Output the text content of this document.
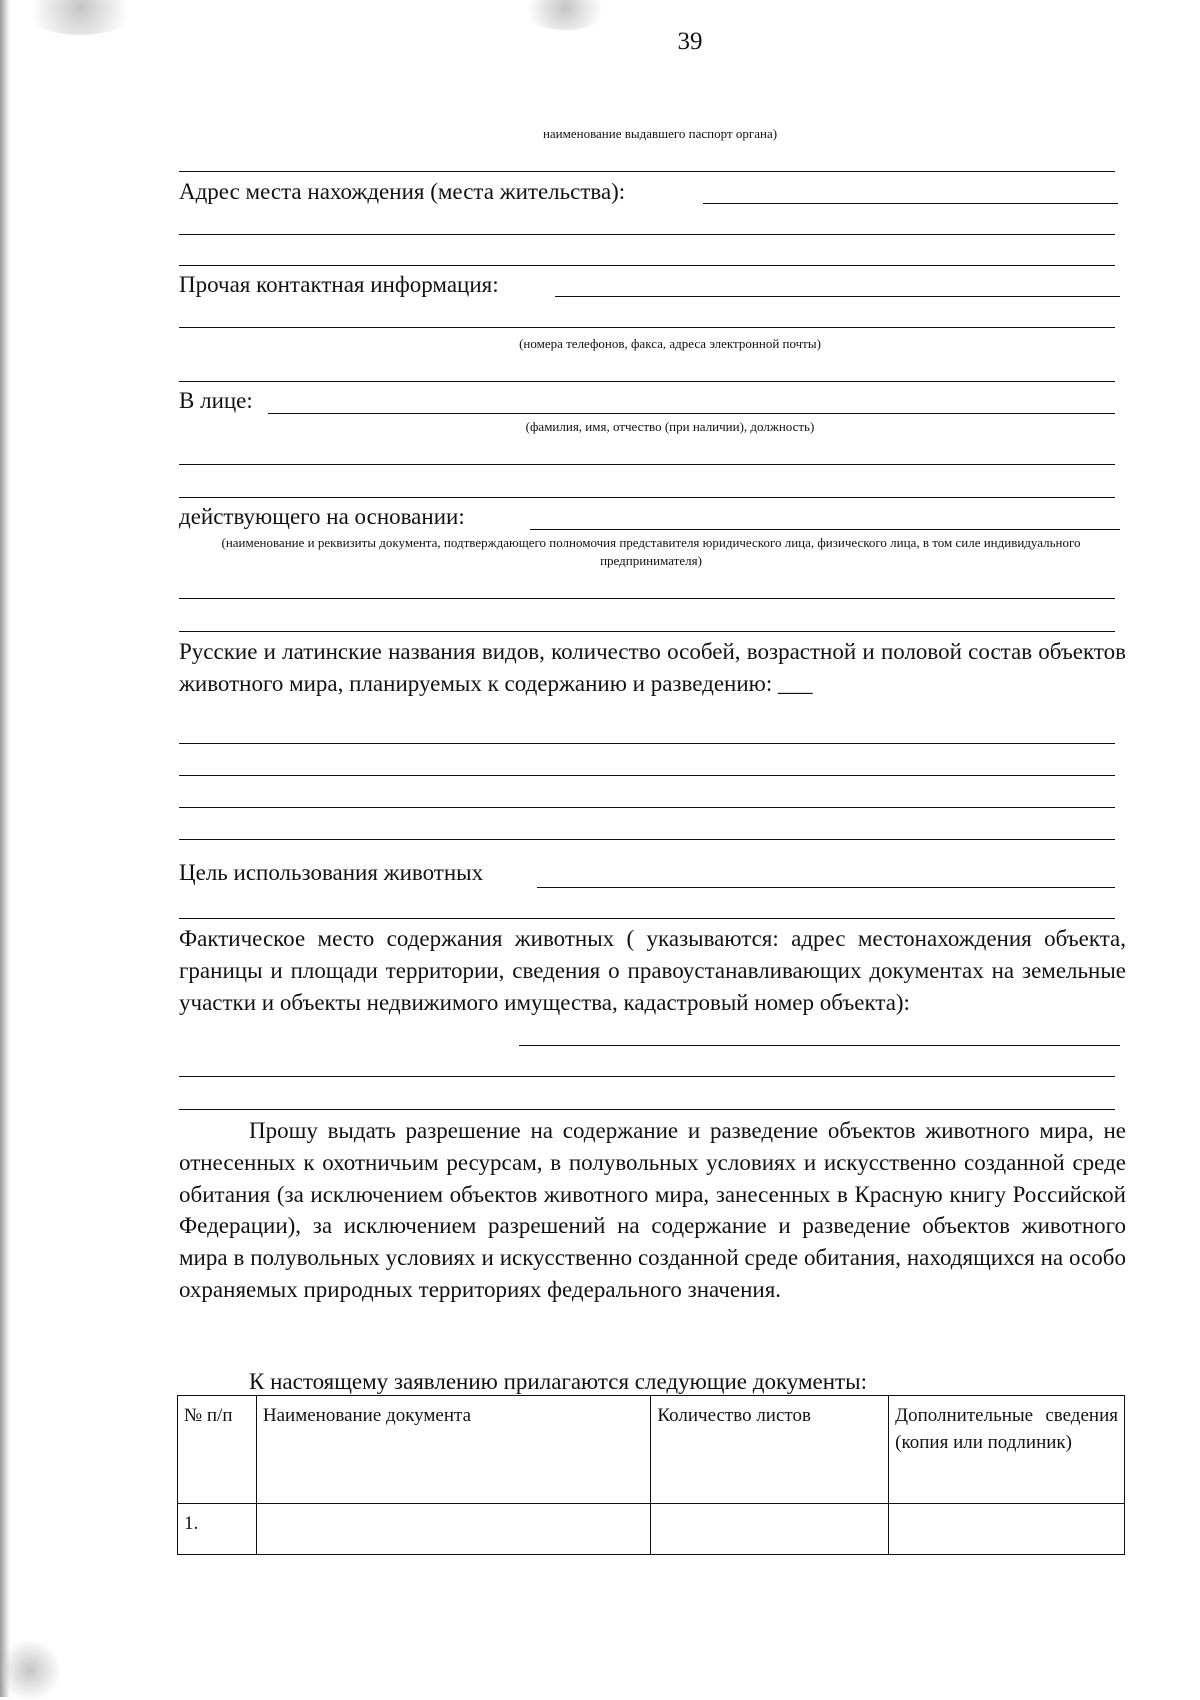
39
наименование выдавшего паспорт органа)
Адрес места нахождения (места жительства):
Прочая контактная информация:
(номера телефонов, факса, адреса электронной почты)
В лице:
(фамилия, имя, отчество (при наличии), должность)
действующего на основании:
(наименование и реквизиты документа, подтверждающего полномочия представителя юридического лица, физического лица, в том силе индивидуального предпринимателя)
Русские и латинские названия видов, количество особей, возрастной и половой состав объектов животного мира, планируемых к содержанию и разведению: ___
Цель использования животных
Фактическое место содержания животных ( указываются: адрес местонахождения объекта, границы и площади территории, сведения о правоустанавливающих документах на земельные участки и объекты недвижимого имущества, кадастровый номер объекта):
Прошу выдать разрешение на содержание и разведение объектов животного мира, не отнесенных к охотничьим ресурсам, в полувольных условиях и искусственно созданной среде обитания (за исключением объектов животного мира, занесенных в Красную книгу Российской Федерации), за исключением разрешений на содержание и разведение объектов животного мира в полувольных условиях и искусственно созданной среде обитания, находящихся на особо охраняемых природных территориях федерального значения.
К настоящему заявлению прилагаются следующие документы:
№ п/п	Наименование документа	Количество листов	Дополнительные сведения (копия или подлиник)
1.			
